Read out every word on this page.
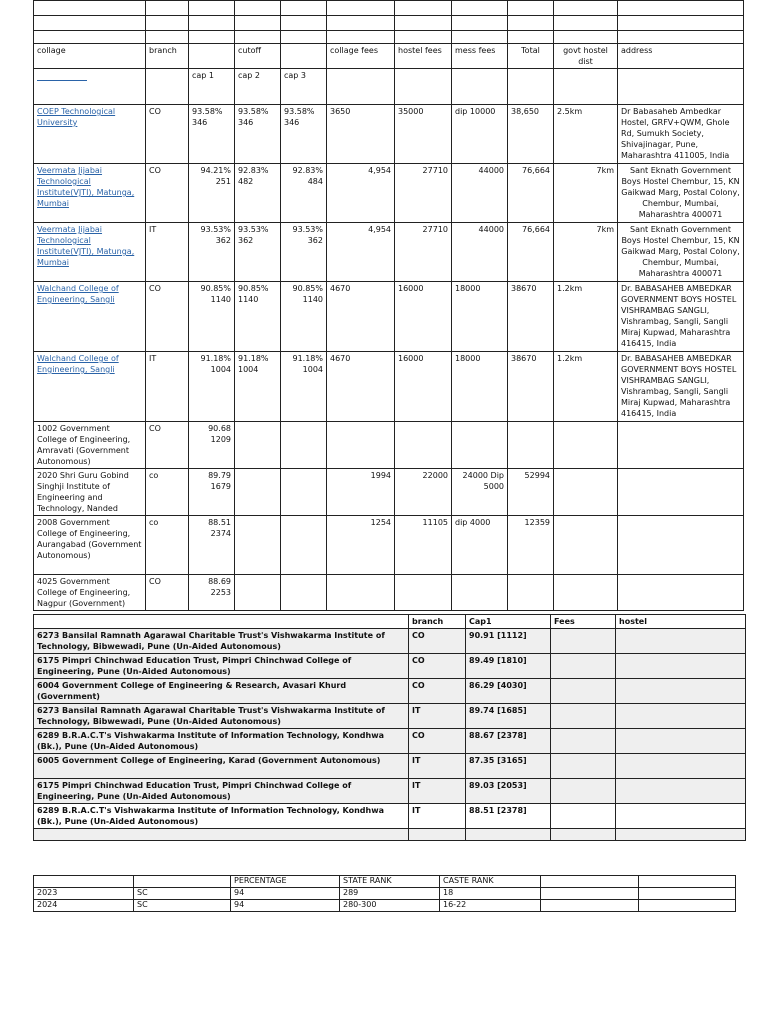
collage	branch		cutoff		collage fees	hostel fees	mess fees	Total	govt hostel dist	address

		cap 1	cap 2	cap 3						
COEP Technological University	CO	93.58% 346	93.58% 346	93.58% 346	3650	35000	dip 10000	38,650	2.5km	Dr Babasaheb Ambedkar Hostel, GRFV+QWM, Ghole Rd, Sumukh Society, Shivajinagar, Pune, Maharashtra 411005, India
Veermata Jijabai Technological Institute(VJTI), Matunga, Mumbai	CO	94.21% 251	92.83% 482	92.83% 484	4,954	27710	44000	76,664	7km	Sant Eknath Government Boys Hostel Chembur, 15, KN Gaikwad Marg, Postal Colony, Chembur, Mumbai, Maharashtra 400071
Veermata Jijabai Technological Institute(VJTI), Matunga, Mumbai	IT	93.53% 362	93.53% 362	93.53% 362	4,954	27710	44000	76,664	7km	Sant Eknath Government Boys Hostel Chembur, 15, KN Gaikwad Marg, Postal Colony, Chembur, Mumbai, Maharashtra 400071
Walchand College of Engineering, Sangli	CO	90.85% 1140	90.85% 1140	90.85% 1140	4670	16000	18000	38670	1.2km	Dr. BABASAHEB AMBEDKAR GOVERNMENT BOYS HOSTEL VISHRAMBAG SANGLI, Vishrambag, Sangli, Sangli Miraj Kupwad, Maharashtra 416415, India
Walchand College of Engineering, Sangli	IT	91.18% 1004	91.18% 1004	91.18% 1004	4670	16000	18000	38670	1.2km	Dr. BABASAHEB AMBEDKAR GOVERNMENT BOYS HOSTEL VISHRAMBAG SANGLI, Vishrambag, Sangli, Sangli Miraj Kupwad, Maharashtra 416415, India
1002 Government College of Engineering, Amravati (Government Autonomous)	CO	90.68 1209								
2020 Shri Guru Gobind Singhji Institute of Engineering and Technology, Nanded	co	89.79 1679			1994	22000	24000 Dip 5000	52994		
2008 Government College of Engineering, Aurangabad (Government Autonomous)	co	88.51 2374			1254	11105	dip 4000	12359		
4025 Government College of Engineering, Nagpur (Government)	CO	88.69 2253								
	branch	Cap1	Fees	hostel
6273 Bansilal Ramnath Agarawal Charitable Trust's Vishwakarma Institute of Technology, Bibwewadi, Pune (Un-Aided Autonomous)	CO	90.91 [1112]		
6175 Pimpri Chinchwad Education Trust, Pimpri Chinchwad College of Engineering, Pune (Un-Aided Autonomous)	CO	89.49 [1810]		
6004 Government College of Engineering & Research, Avasari Khurd (Government)	CO	86.29 [4030]		
6273 Bansilal Ramnath Agarawal Charitable Trust's Vishwakarma Institute of Technology, Bibwewadi, Pune (Un-Aided Autonomous)	IT	89.74 [1685]		
6289 B.R.A.C.T's Vishwakarma Institute of Information Technology, Kondhwa (Bk.), Pune (Un-Aided Autonomous)	CO	88.67 [2378]		
6005 Government College of Engineering, Karad (Government Autonomous)	IT	87.35 [3165]		
6175 Pimpri Chinchwad Education Trust, Pimpri Chinchwad College of Engineering, Pune (Un-Aided Autonomous)	IT	89.03 [2053]		
6289 B.R.A.C.T's Vishwakarma Institute of Information Technology, Kondhwa (Bk.), Pune (Un-Aided Autonomous)	IT	88.51 [2378]		

		PERCENTAGE	STATE RANK	CASTE RANK		
2023	SC	94	289	18		
2024	SC	94	280-300	16-22		
